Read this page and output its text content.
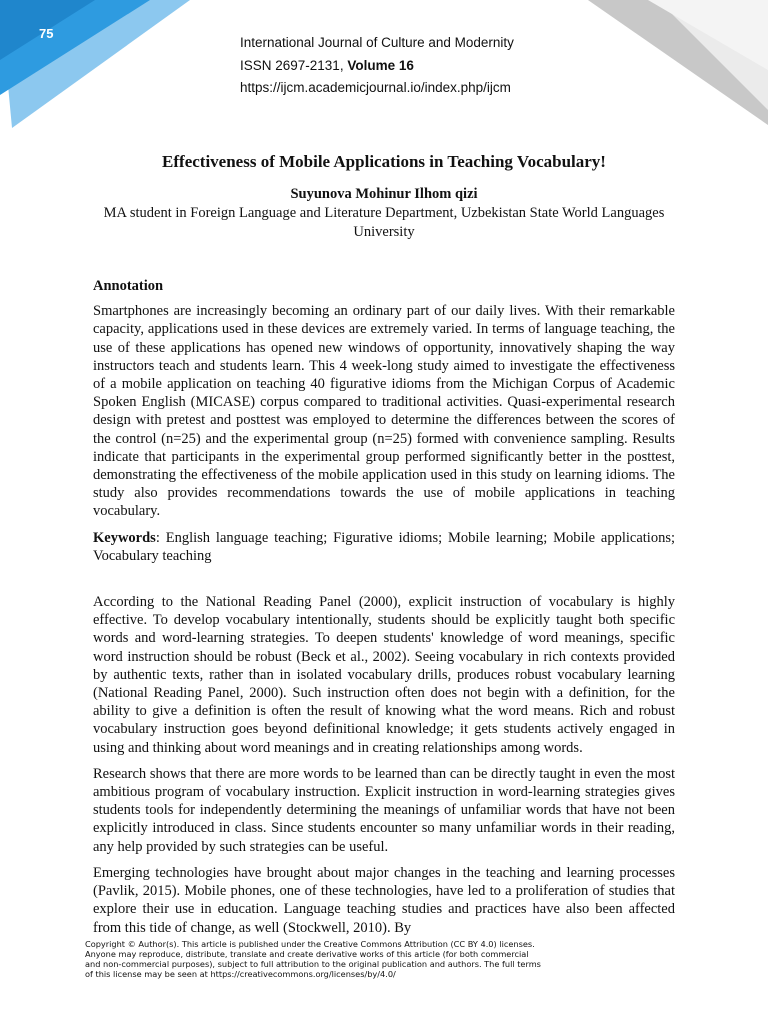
75
International Journal of Culture and Modernity
ISSN 2697-2131, Volume 16
https://ijcm.academicjournal.io/index.php/ijcm
Effectiveness of Mobile Applications in Teaching Vocabulary!
Suyunova Mohinur Ilhom qizi
MA student in Foreign Language and Literature Department, Uzbekistan State World Languages University

Annotation

Smartphones are increasingly becoming an ordinary part of our daily lives. With their remarkable capacity, applications used in these devices are extremely varied. In terms of language teaching, the use of these applications has opened new windows of opportunity, innovatively shaping the way instructors teach and students learn. This 4 week-long study aimed to investigate the effectiveness of a mobile application on teaching 40 figurative idioms from the Michigan Corpus of Academic Spoken English (MICASE) corpus compared to traditional activities. Quasi-experimental research design with pretest and posttest was employed to determine the differences between the scores of the control (n=25) and the experimental group (n=25) formed with convenience sampling. Results indicate that participants in the experimental group performed significantly better in the posttest, demonstrating the effectiveness of the mobile application used in this study on learning idioms. The study also provides recommendations towards the use of mobile applications in teaching vocabulary.

Keywords: English language teaching; Figurative idioms; Mobile learning; Mobile applications; Vocabulary teaching

According to the National Reading Panel (2000), explicit instruction of vocabulary is highly effective. To develop vocabulary intentionally, students should be explicitly taught both specific words and word-learning strategies. To deepen students' knowledge of word meanings, specific word instruction should be robust (Beck et al., 2002). Seeing vocabulary in rich contexts provided by authentic texts, rather than in isolated vocabulary drills, produces robust vocabulary learning (National Reading Panel, 2000). Such instruction often does not begin with a definition, for the ability to give a definition is often the result of knowing what the word means. Rich and robust vocabulary instruction goes beyond definitional knowledge; it gets students actively engaged in using and thinking about word meanings and in creating relationships among words.

Research shows that there are more words to be learned than can be directly taught in even the most ambitious program of vocabulary instruction. Explicit instruction in word-learning strategies gives students tools for independently determining the meanings of unfamiliar words that have not been explicitly introduced in class. Since students encounter so many unfamiliar words in their reading, any help provided by such strategies can be useful.

Emerging technologies have brought about major changes in the teaching and learning processes (Pavlik, 2015). Mobile phones, one of these technologies, have led to a proliferation of studies that explore their use in education. Language teaching studies and practices have also been affected from this tide of change, as well (Stockwell, 2010). By

Copyright © Author(s). This article is published under the Creative Commons Attribution (CC BY 4.0) licenses.
Anyone may reproduce, distribute, translate and create derivative works of this article (for both commercial
and non-commercial purposes), subject to full attribution to the original publication and authors. The full terms
of this license may be seen at https://creativecommons.org/licenses/by/4.0/
